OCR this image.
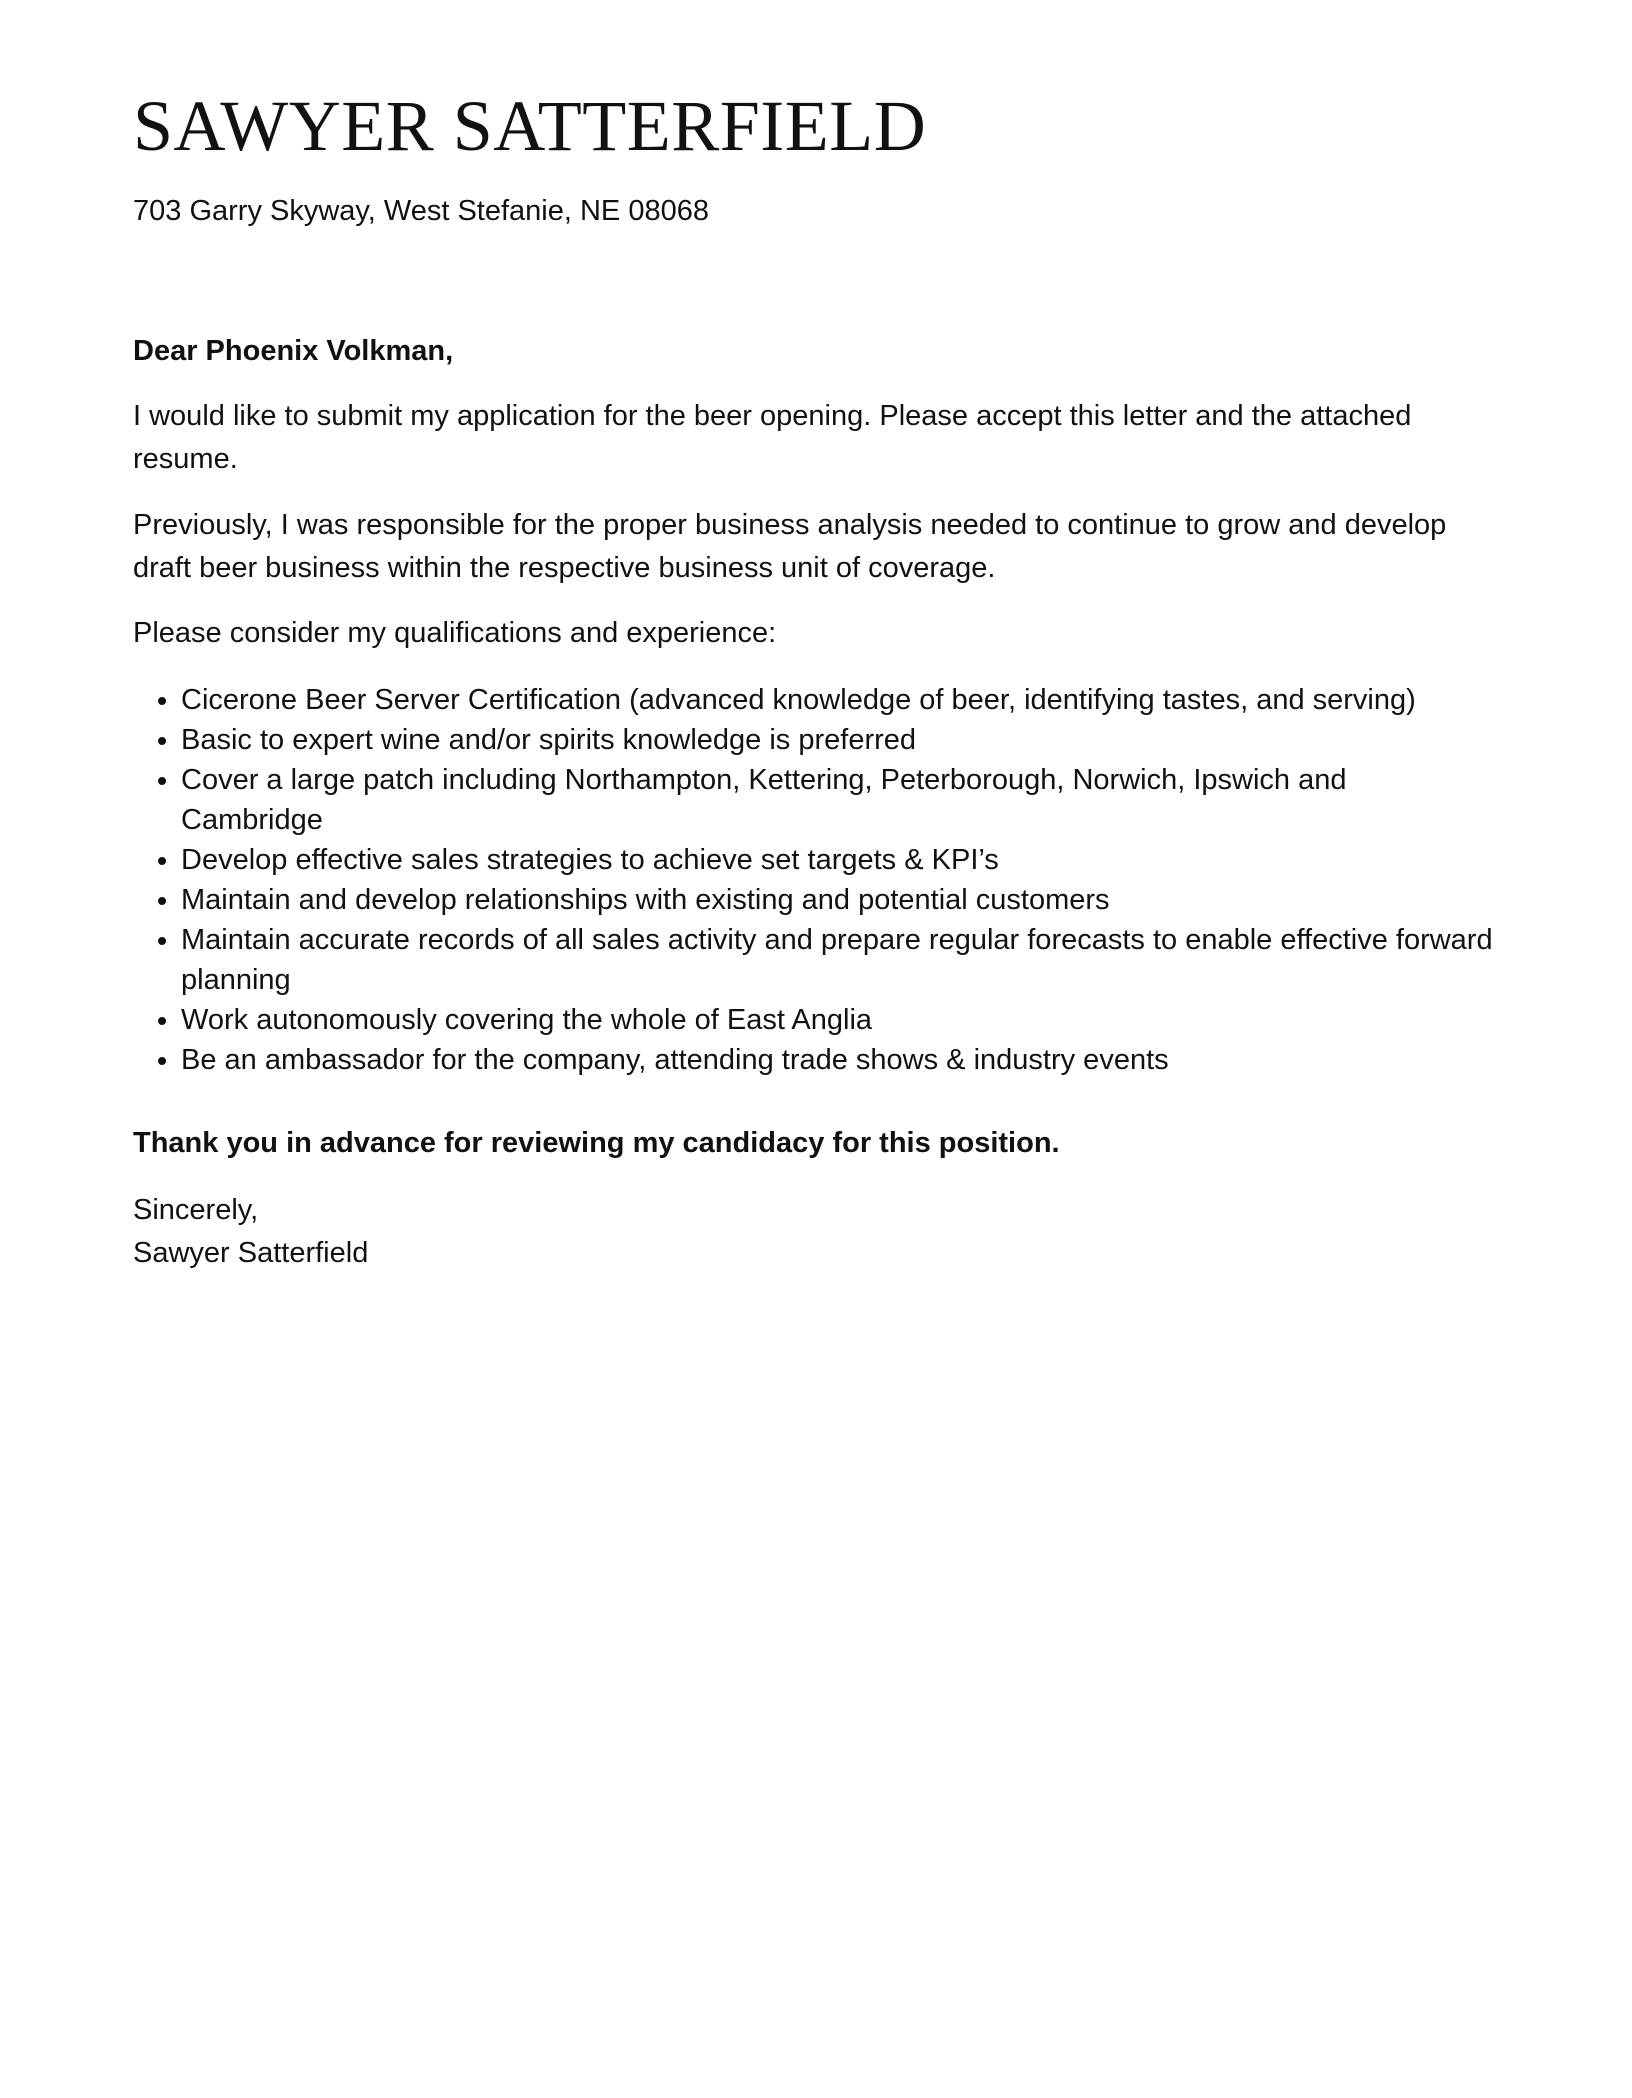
SAWYER SATTERFIELD
703 Garry Skyway, West Stefanie, NE 08068

Dear Phoenix Volkman,

I would like to submit my application for the beer opening. Please accept this letter and the attached resume.

Previously, I was responsible for the proper business analysis needed to continue to grow and develop draft beer business within the respective business unit of coverage.

Please consider my qualifications and experience:

• Cicerone Beer Server Certification (advanced knowledge of beer, identifying tastes, and serving)
• Basic to expert wine and/or spirits knowledge is preferred
• Cover a large patch including Northampton, Kettering, Peterborough, Norwich, Ipswich and Cambridge
• Develop effective sales strategies to achieve set targets & KPI’s
• Maintain and develop relationships with existing and potential customers
• Maintain accurate records of all sales activity and prepare regular forecasts to enable effective forward planning
• Work autonomously covering the whole of East Anglia
• Be an ambassador for the company, attending trade shows & industry events

Thank you in advance for reviewing my candidacy for this position.

Sincerely,

Sawyer Satterfield
